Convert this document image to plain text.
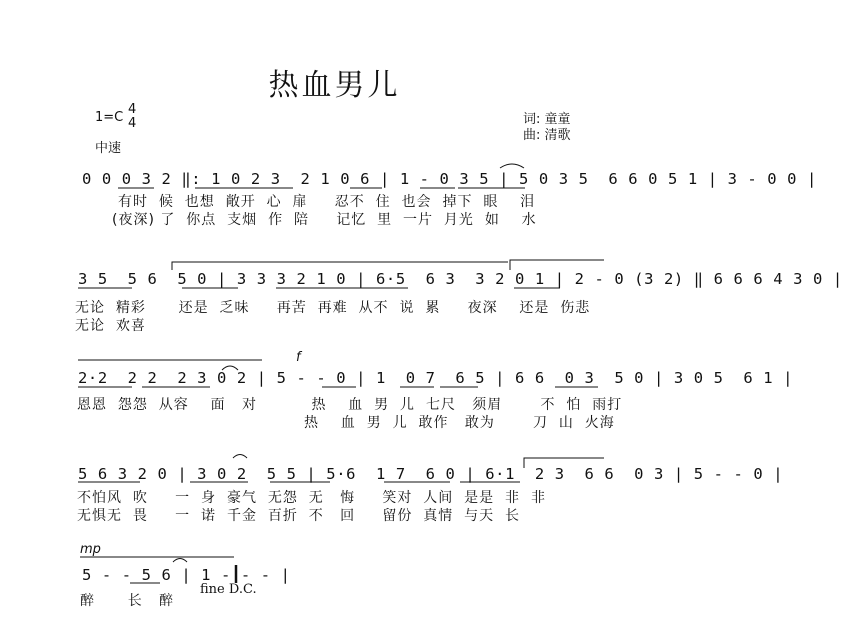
热血男儿
1=C
4
4
中速
词: 童童
曲: 清歌
0 0 0 3 2 ‖: 1 0 2 3  2 1 0 6 | 1 - 0 3 5 | 5 0 3 5  6 6 0 5 1 | 3 - 0 0 |
有时  候  也想  敞开  心  扉     忍不  住  也会  掉下  眼    泪
(夜深) 了  你点  支烟  作  陪     记忆  里  一片  月光  如    水
3 5  5 6  5 0 | 3 3 3 2 1 0 | 6·5  6 3  3 2 0 1 | 2 - 0 (3 2) ‖ 6 6 6 4 3 0 |
无论  精彩      还是  乏味     再苦  再难  从不  说  累     夜深    还是  伤悲
无论  欢喜
f
2·2  2 2  2 3 0 2 | 5 - - 0 | 1  0 7  6 5 | 6 6  0 3  5 0 | 3 0 5  6 1 |
恩恩  怨怨  从容    面   对          热    血  男  儿  七尺   须眉       不  怕  雨打
热    血  男  儿  敢作   敢为       刀  山  火海
5 6 3 2 0 | 3 0 2  5 5 | 5·6  1 7  6 0 | 6·1  2 3  6 6  0 3 | 5 - - 0 |
不怕风  吹     一  身  豪气  无怨  无   悔     笑对  人间  是是  非  非
无惧无  畏     一  诺  千金  百折  不   回     留份  真情  与天  长
mp
5 - - 5 6 | 1 - - - |
醉      长   醉
fine D.C.
